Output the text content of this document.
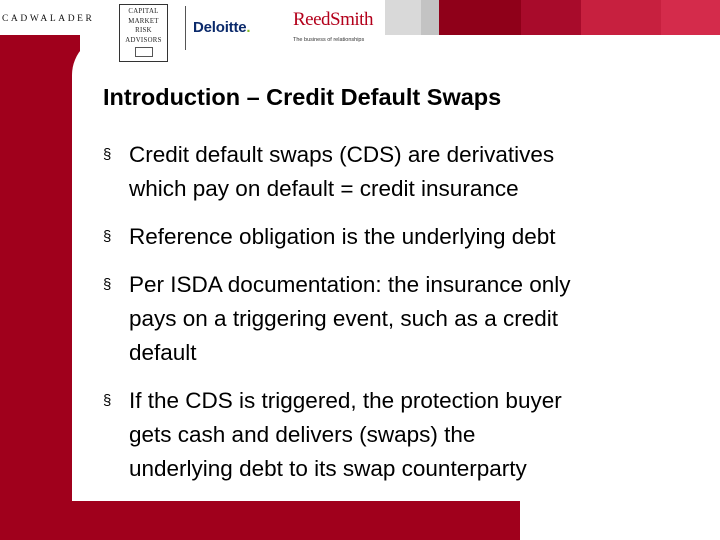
CADWALADER
CAPITAL
MARKET
RISK
ADVISORS
Deloitte. ReedSmith
The business of relationships
Introduction – Credit Default Swaps
§ Credit default swaps (CDS) are derivatives
which pay on default = credit insurance
§ Reference obligation is the underlying debt
§ Per ISDA documentation: the insurance only
pays on a triggering event, such as a credit
default
§ If the CDS is triggered, the protection buyer
gets cash and delivers (swaps) the
underlying debt to its swap counterparty
